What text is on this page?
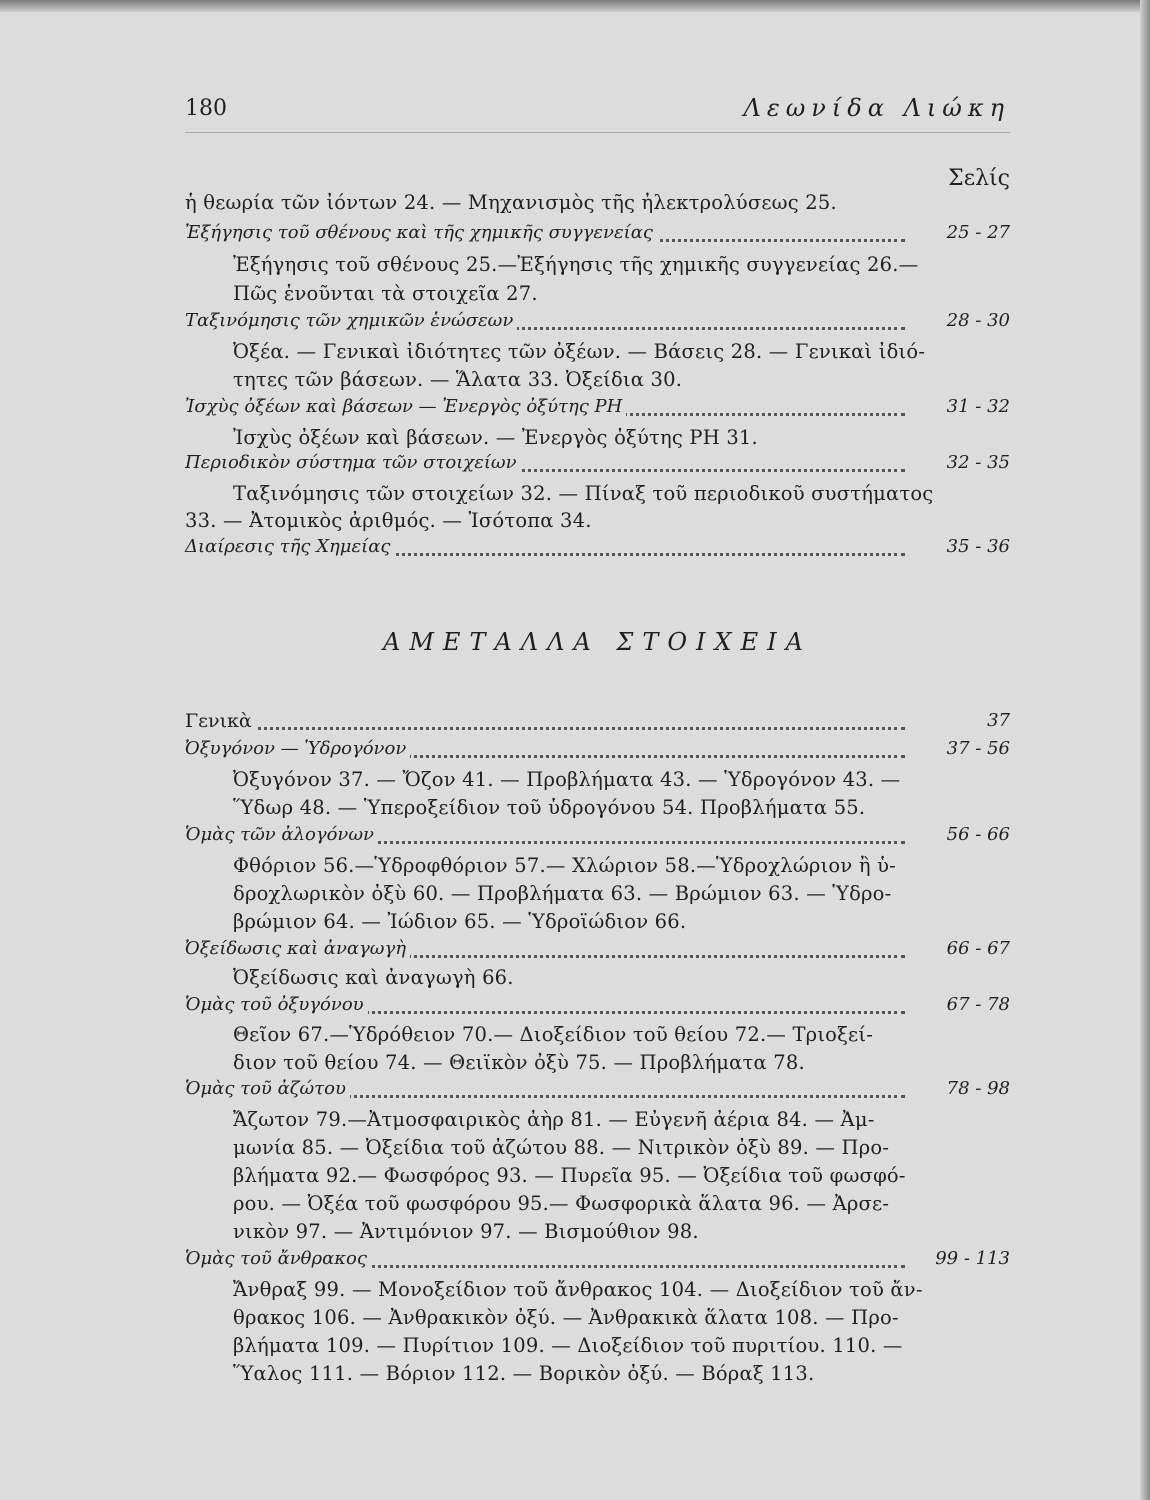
180	Λεωνίδα Λιώκη
Σελίς
ἡ θεωρία τῶν ἰόντων 24. — Μηχανισμὸς τῆς ἠλεκτρολύσεως 25.
Ἐξήγησις τοῦ σθένους καὶ τῆς χημικῆς συγγενείας	25 - 27
Ἐξήγησις τοῦ σθένους 25.—Ἐξήγησις τῆς χημικῆς συγγενείας 26.—
Πῶς ἑνοῦνται τὰ στοιχεῖα 27.
Ταξινόμησις τῶν χημικῶν ἑνώσεων	28 - 30
Ὀξέα. — Γενικαὶ ἰδιότητες τῶν ὀξέων. — Βάσεις 28. — Γενικαὶ ἰδιό-
τητες τῶν βάσεων. — Ἅλατα 33. Ὀξείδια 30.
Ἰσχὺς ὀξέων καὶ βάσεων — Ἐνεργὸς ὀξύτης PH	31 - 32
Ἰσχὺς ὀξέων καὶ βάσεων. — Ἐνεργὸς ὀξύτης PH 31.
Περιοδικὸν σύστημα τῶν στοιχείων	32 - 35
Ταξινόμησις τῶν στοιχείων 32. — Πίναξ τοῦ περιοδικοῦ συστήματος
33. — Ἀτομικὸς ἀριθμός. — Ἰσότοπα 34.
Διαίρεσις τῆς Χημείας	35 - 36
ΑΜΕΤΑΛΛΑ ΣΤΟΙΧΕΙΑ
Γενικὰ	37
Ὀξυγόνον — Ὑδρογόνον	37 - 56
Ὀξυγόνον 37. — Ὄζον 41. — Προβλήματα 43. — Ὑδρογόνον 43. —
Ὕδωρ 48. — Ὑπεροξείδιον τοῦ ὑδρογόνου 54. Προβλήματα 55.
Ὁμὰς τῶν ἀλογόνων	56 - 66
Φθόριον 56.—Ὑδροφθόριον 57.— Χλώριον 58.—Ὑδροχλώριον ἢ ὑ-
δροχλωρικὸν ὀξὺ 60. — Προβλήματα 63. — Βρώμιον 63. — Ὑδρο-
βρώμιον 64. — Ἰώδιον 65. — Ὑδροϊώδιον 66.
Ὀξείδωσις καὶ ἀναγωγὴ	66 - 67
Ὀξείδωσις καὶ ἀναγωγὴ 66.
Ὁμὰς τοῦ ὀξυγόνου	67 - 78
Θεῖον 67.—Ὑδρόθειον 70.— Διοξείδιον τοῦ θείου 72.— Τριοξεί-
διον τοῦ θείου 74. — Θειϊκὸν ὀξὺ 75. — Προβλήματα 78.
Ὁμὰς τοῦ ἀζώτου	78 - 98
Ἄζωτον 79.—Ἀτμοσφαιρικὸς ἀὴρ 81. — Εὐγενῆ ἀέρια 84. — Ἀμ-
μωνία 85. — Ὀξείδια τοῦ ἀζώτου 88. — Νιτρικὸν ὀξὺ 89. — Προ-
βλήματα 92.— Φωσφόρος 93. — Πυρεῖα 95. — Ὀξείδια τοῦ φωσφό-
ρου. — Ὀξέα τοῦ φωσφόρου 95.— Φωσφορικὰ ἅλατα 96. — Ἀρσε-
νικὸν 97. — Ἀντιμόνιον 97. — Βισμούθιον 98.
Ὁμὰς τοῦ ἄνθρακος	99 - 113
Ἄνθραξ 99. — Μονοξείδιον τοῦ ἄνθρακος 104. — Διοξείδιον τοῦ ἄν-
θρακος 106. — Ἀνθρακικὸν ὀξύ. — Ἀνθρακικὰ ἅλατα 108. — Προ-
βλήματα 109. — Πυρίτιον 109. — Διοξείδιον τοῦ πυριτίου. 110. —
Ὕαλος 111. — Βόριον 112. — Βορικὸν ὀξύ. — Βόραξ 113.
